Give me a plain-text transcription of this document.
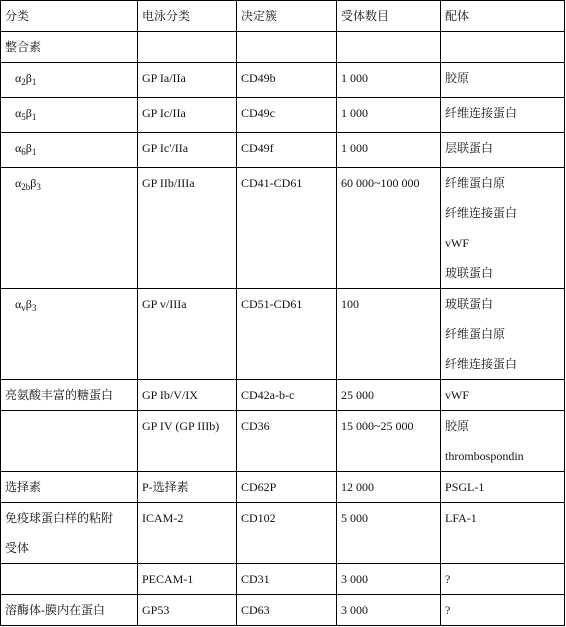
分类	电泳分类	决定簇	受体数目	配体

整合素				

$\alpha_2\beta_1$	GP Ia/IIa	CD49b	1 000	胶原

$\alpha_5\beta_1$	GP Ic/IIa	CD49c	1 000	纤维连接蛋白

$\alpha_6\beta_1$	GP Ic'/IIa	CD49f	1 000	层联蛋白

$\alpha_{2b}\beta_3$	GP IIb/IIIa	CD41-CD61	60 000~100 000	纤维蛋白原
纤维连接蛋白
vWF
玻联蛋白

$\alpha_v\beta_3$	GP v/IIIa	CD51-CD61	100	玻联蛋白
纤维蛋白原
纤维连接蛋白

亮氨酸丰富的糖蛋白	GP Ib/V/IX	CD42a-b-c	25 000	vWF

	GP IV (GP IIIb)	CD36	15 000~25 000	胶原
thrombospondin

选择素	P-选择素	CD62P	12 000	PSGL-1

免疫球蛋白样的粘附
受体	ICAM-2	CD102	5 000	LFA-1

	PECAM-1	CD31	3 000	?

溶酶体-膜内在蛋白	GP53	CD63	3 000	?
